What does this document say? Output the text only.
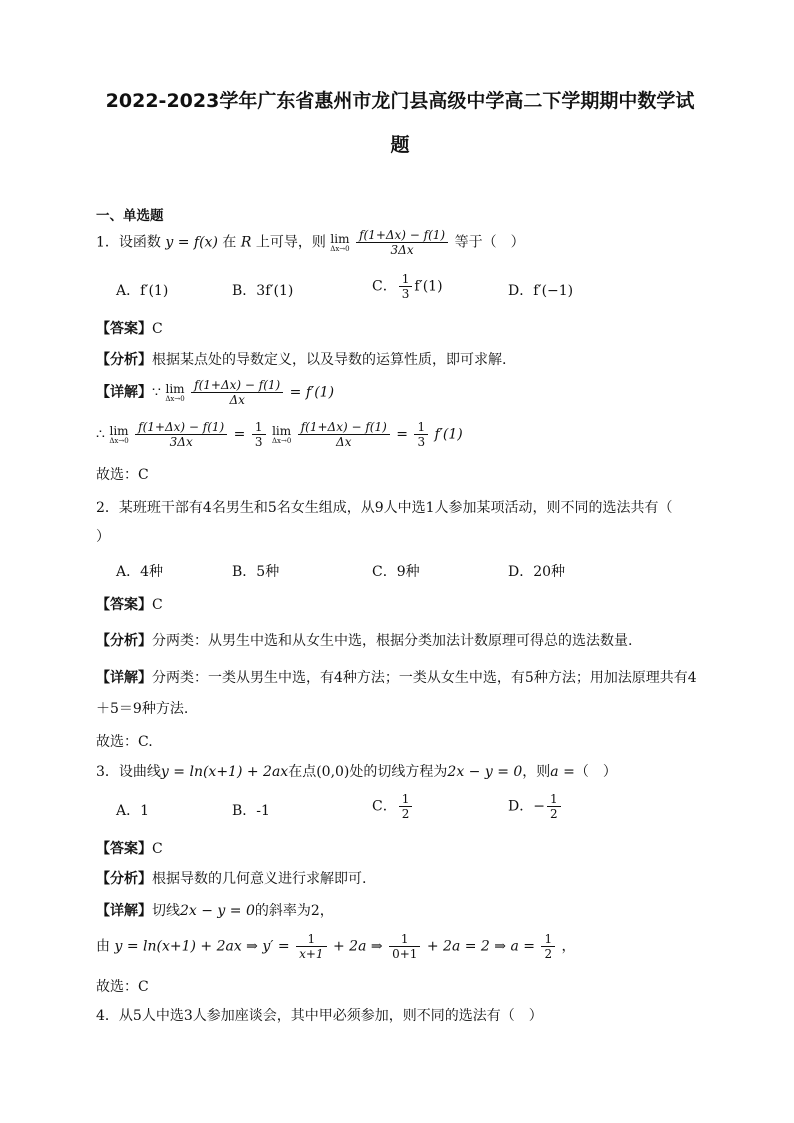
2022-2023学年广东省惠州市龙门县高级中学高二下学期期中数学试
题
一、单选题
1．设函数 y = f(x) 在 R 上可导，则 lim
Δx→0
$\frac{f(1+\Delta x) - f(1)}{3\Delta x}$ 等于（　）
A．f′(1)	B．3f′(1)	C． $\frac{1}{3} f'(1)$	D．f′(−1)
【答案】C
【分析】根据某点处的导数定义，以及导数的运算性质，即可求解.
【详解】∵ lim
Δx→0
$\frac{f(1+\Delta x) - f(1)}{\Delta x} = f'(1)$
∴ lim
Δx→0
$\frac{f(1+\Delta x) - f(1)}{3\Delta x} = \frac{1}{3}$ lim
Δx→0
$\frac{f(1+\Delta x) - f(1)}{\Delta x} = \frac{1}{3} f'(1)$
故选：C
2．某班班干部有4名男生和5名女生组成，从9人中选1人参加某项活动，则不同的选法共有（
）
A．4种	B．5种	C．9种	D．20种
【答案】C
【分析】分两类：从男生中选和从女生中选，根据分类加法计数原理可得总的选法数量.
【详解】分两类：一类从男生中选，有4种方法；一类从女生中选，有5种方法；用加法原理共有4
＋5＝9种方法.
故选：C.
3．设曲线y = ln(x+1) + 2ax在点(0,0)处的切线方程为2x − y = 0，则a =（　）
A．1	B．-1	C． $\frac{1}{2}$	D．− $\frac{1}{2}$
【答案】C
【分析】根据导数的几何意义进行求解即可.
【详解】切线2x − y = 0的斜率为2，
由 y = ln(x+1) + 2ax ⇒ $y' = \frac{1}{x+1} + 2a$ ⇒ $\frac{1}{0+1} + 2a = 2$ ⇒ $a = \frac{1}{2}$ ，
故选：C
4．从5人中选3人参加座谈会，其中甲必须参加，则不同的选法有（　）
